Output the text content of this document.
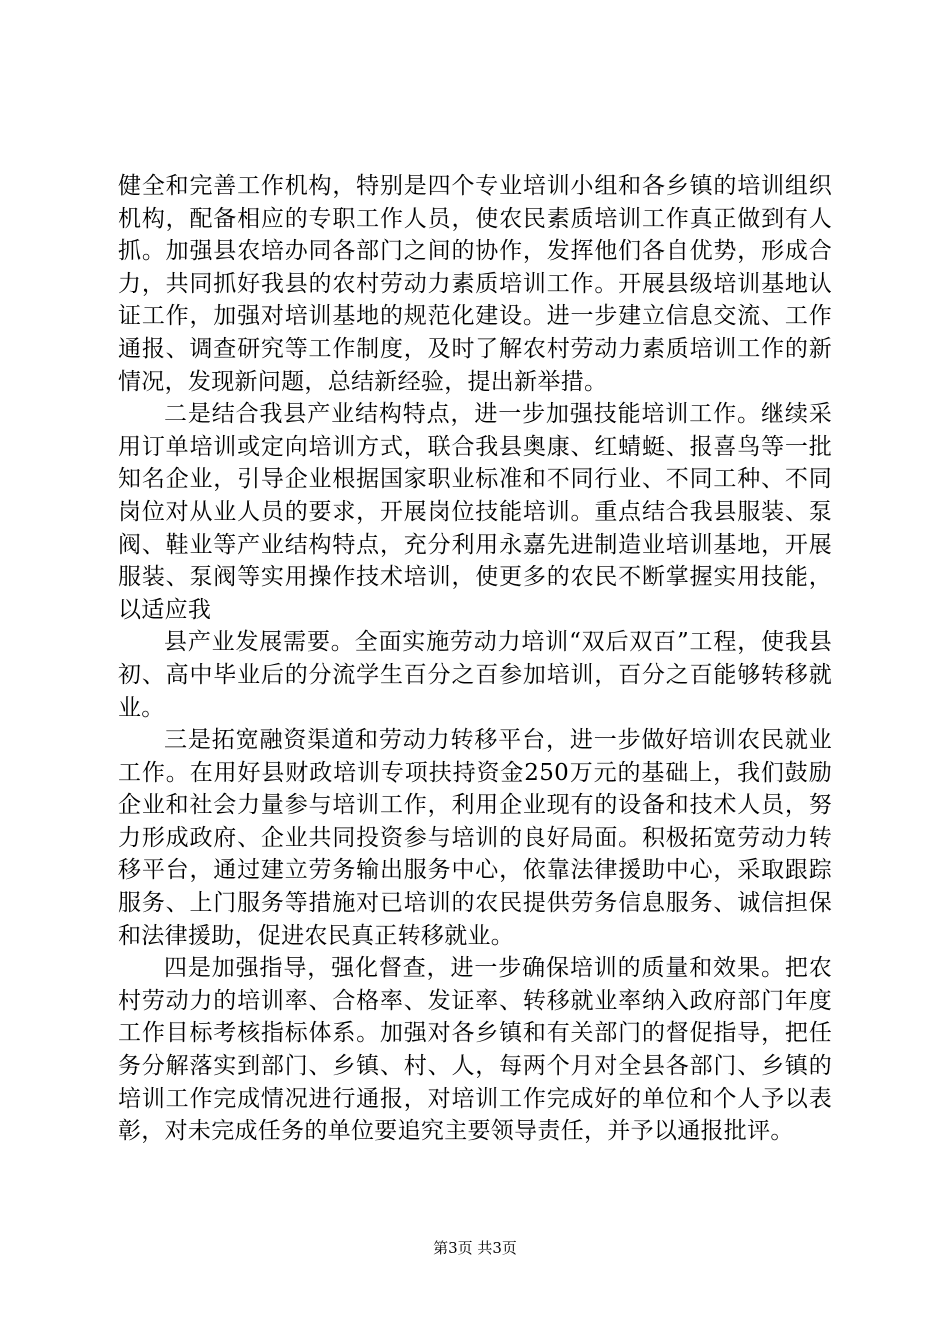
健全和完善工作机构，特别是四个专业培训小组和各乡镇的培训组织机构，配备相应的专职工作人员，使农民素质培训工作真正做到有人抓。加强县农培办同各部门之间的协作，发挥他们各自优势，形成合力，共同抓好我县的农村劳动力素质培训工作。开展县级培训基地认证工作，加强对培训基地的规范化建设。进一步建立信息交流、工作通报、调查研究等工作制度，及时了解农村劳动力素质培训工作的新情况，发现新问题，总结新经验，提出新举措。

二是结合我县产业结构特点，进一步加强技能培训工作。继续采用订单培训或定向培训方式，联合我县奥康、红蜻蜓、报喜鸟等一批知名企业，引导企业根据国家职业标准和不同行业、不同工种、不同岗位对从业人员的要求，开展岗位技能培训。重点结合我县服装、泵阀、鞋业等产业结构特点，充分利用永嘉先进制造业培训基地，开展服装、泵阀等实用操作技术培训，使更多的农民不断掌握实用技能，以适应我

县产业发展需要。全面实施劳动力培训“双后双百”工程，使我县初、高中毕业后的分流学生百分之百参加培训，百分之百能够转移就业。

三是拓宽融资渠道和劳动力转移平台，进一步做好培训农民就业工作。在用好县财政培训专项扶持资金250万元的基础上，我们鼓励企业和社会力量参与培训工作，利用企业现有的设备和技术人员，努力形成政府、企业共同投资参与培训的良好局面。积极拓宽劳动力转移平台，通过建立劳务输出服务中心，依靠法律援助中心，采取跟踪服务、上门服务等措施对已培训的农民提供劳务信息服务、诚信担保和法律援助，促进农民真正转移就业。

四是加强指导，强化督查，进一步确保培训的质量和效果。把农村劳动力的培训率、合格率、发证率、转移就业率纳入政府部门年度工作目标考核指标体系。加强对各乡镇和有关部门的督促指导，把任务分解落实到部门、乡镇、村、人，每两个月对全县各部门、乡镇的培训工作完成情况进行通报，对培训工作完成好的单位和个人予以表彰，对未完成任务的单位要追究主要领导责任，并予以通报批评。

第3页 共3页
